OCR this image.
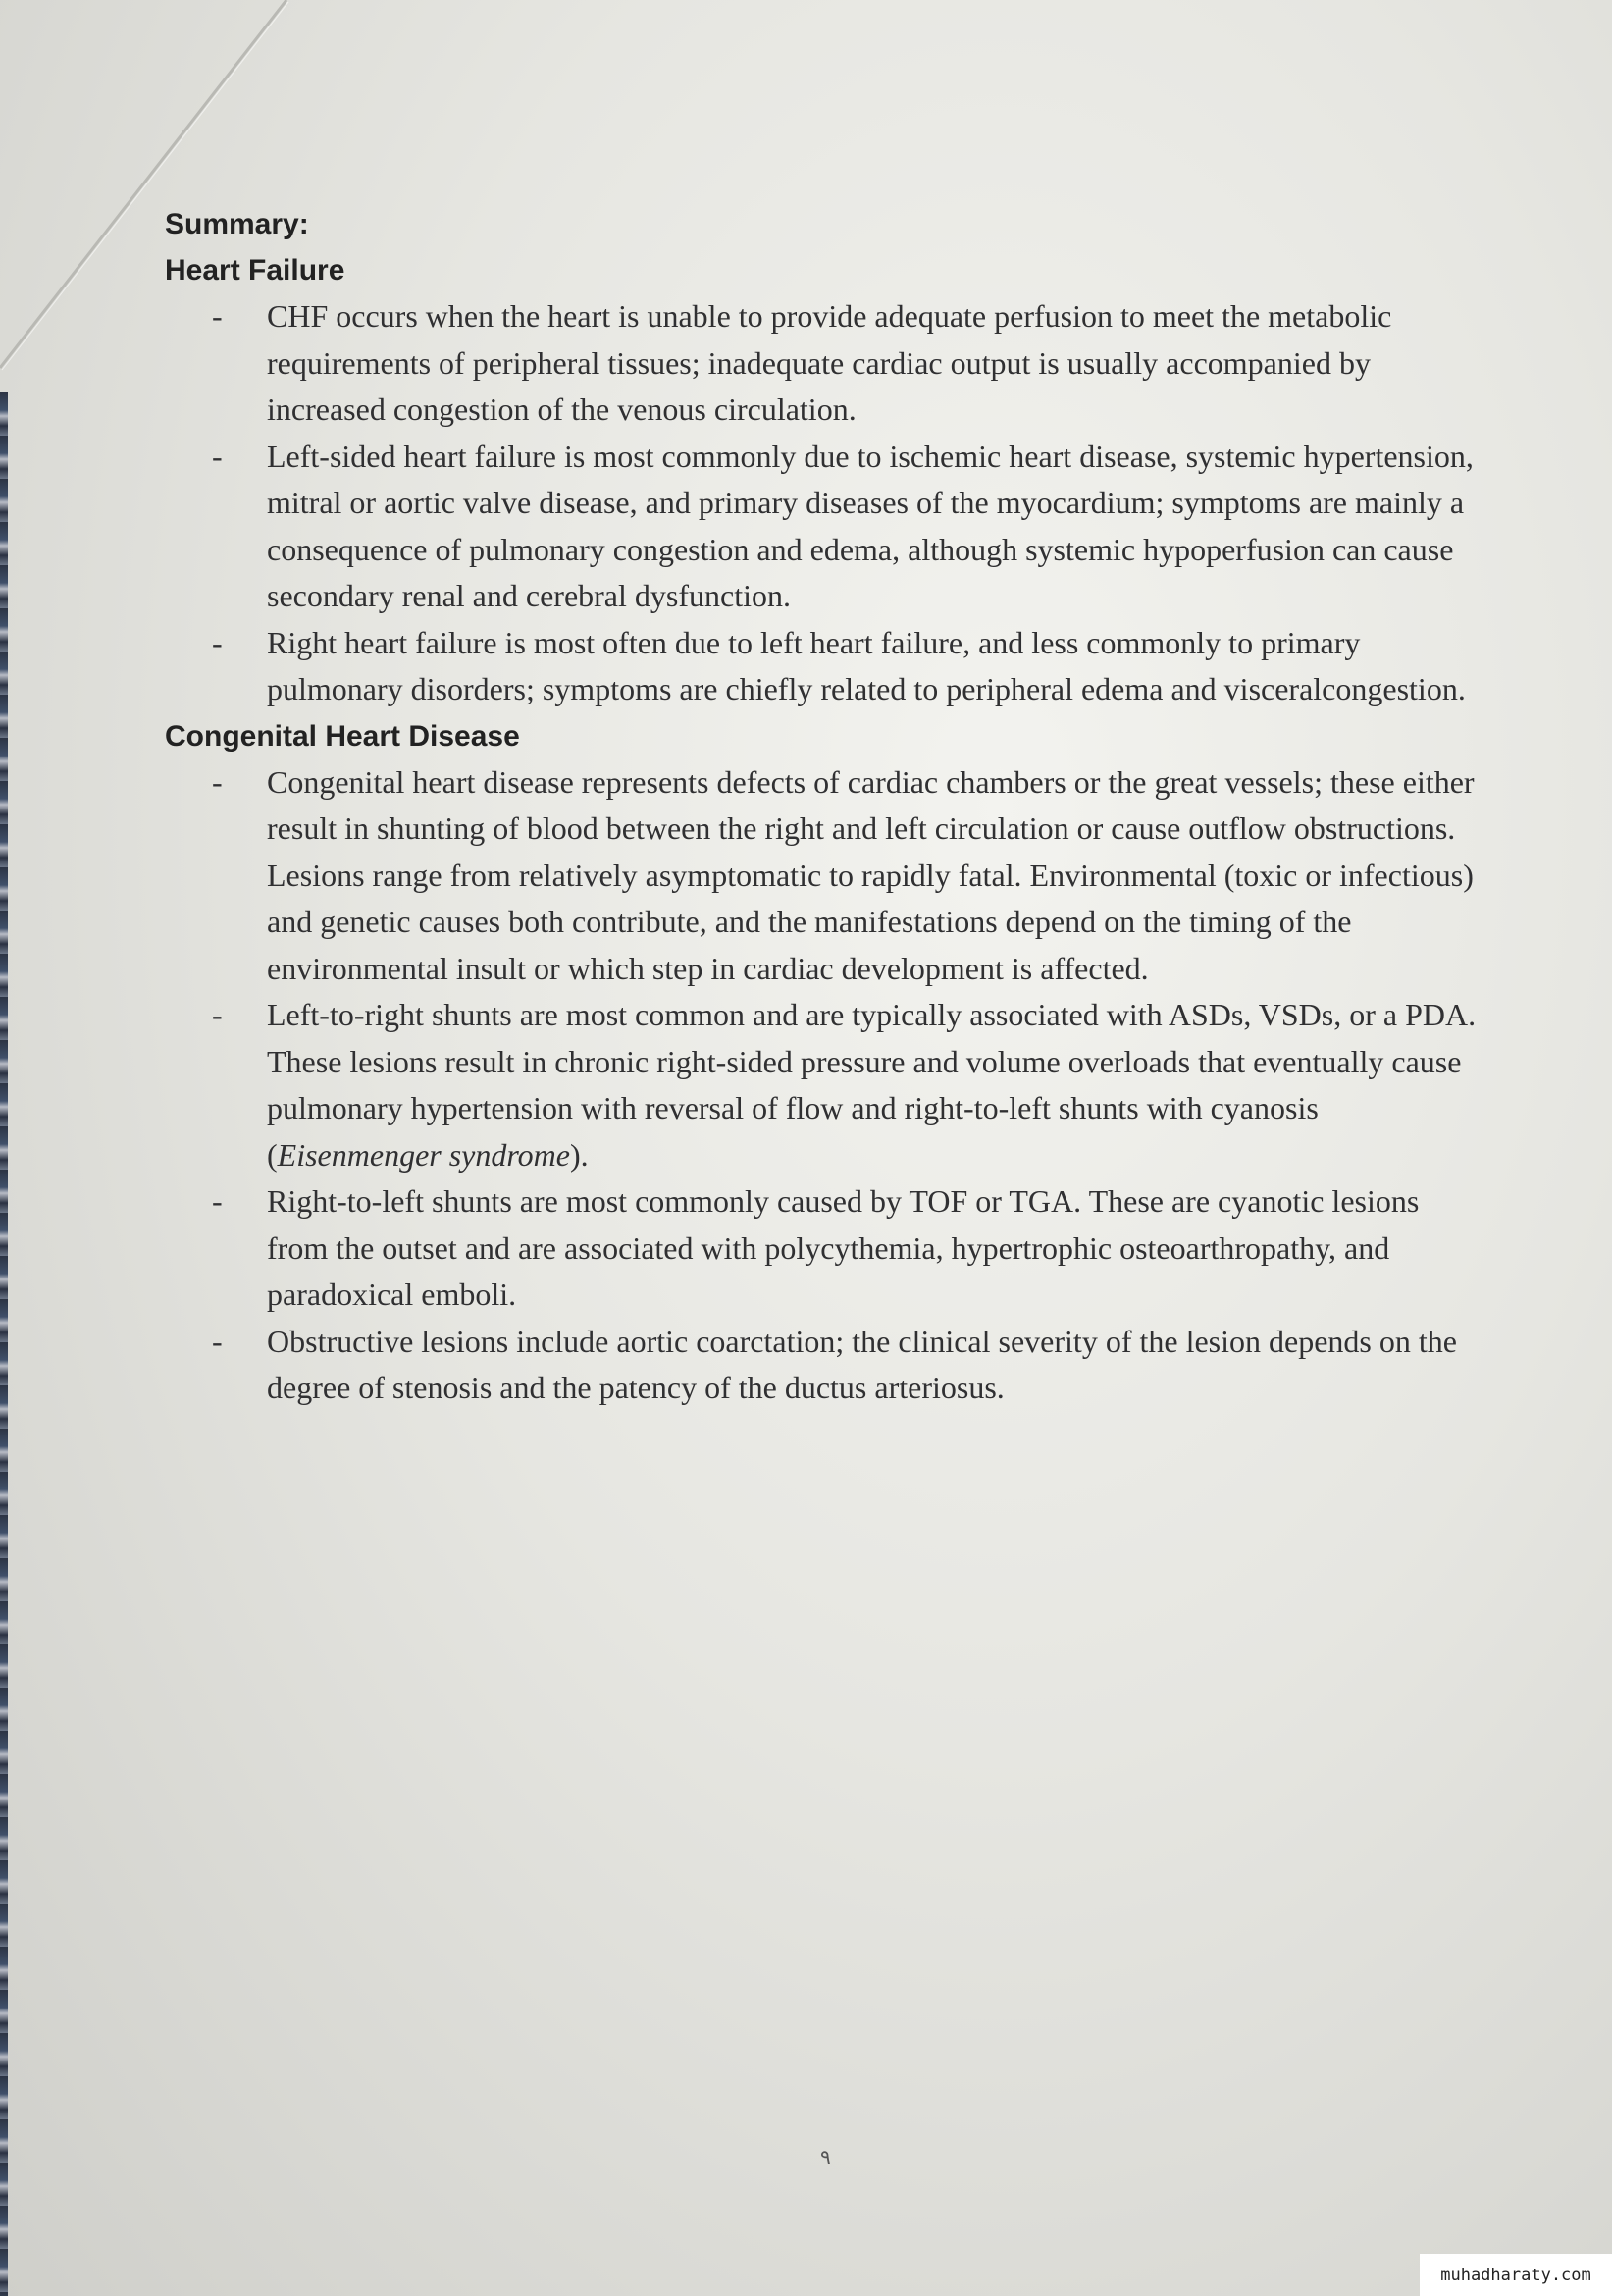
Summary:
Heart Failure
- CHF occurs when the heart is unable to provide adequate perfusion to meet the metabolic requirements of peripheral tissues; inadequate cardiac output is usually accompanied by increased congestion of the venous circulation.
- Left-sided heart failure is most commonly due to ischemic heart disease, systemic hypertension, mitral or aortic valve disease, and primary diseases of the myocardium; symptoms are mainly a consequence of pulmonary congestion and edema, although systemic hypoperfusion can cause secondary renal and cerebral dysfunction.
- Right heart failure is most often due to left heart failure, and less commonly to primary pulmonary disorders; symptoms are chiefly related to peripheral edema and visceralcongestion.
Congenital Heart Disease
- Congenital heart disease represents defects of cardiac chambers or the great vessels; these either result in shunting of blood between the right and left circulation or cause outflow obstructions. Lesions range from relatively asymptomatic to rapidly fatal. Environmental (toxic or infectious) and genetic causes both contribute, and the manifestations depend on the timing of the environmental insult or which step in cardiac development is affected.
- Left-to-right shunts are most common and are typically associated with ASDs, VSDs, or a PDA. These lesions result in chronic right-sided pressure and volume overloads that eventually cause pulmonary hypertension with reversal of flow and right-to-left shunts with cyanosis (Eisenmenger syndrome).
- Right-to-left shunts are most commonly caused by TOF or TGA. These are cyanotic lesions from the outset and are associated with polycythemia, hypertrophic osteoarthropathy, and paradoxical emboli.
- Obstructive lesions include aortic coarctation; the clinical severity of the lesion depends on the degree of stenosis and the patency of the ductus arteriosus.
٩
muhadharaty.com
